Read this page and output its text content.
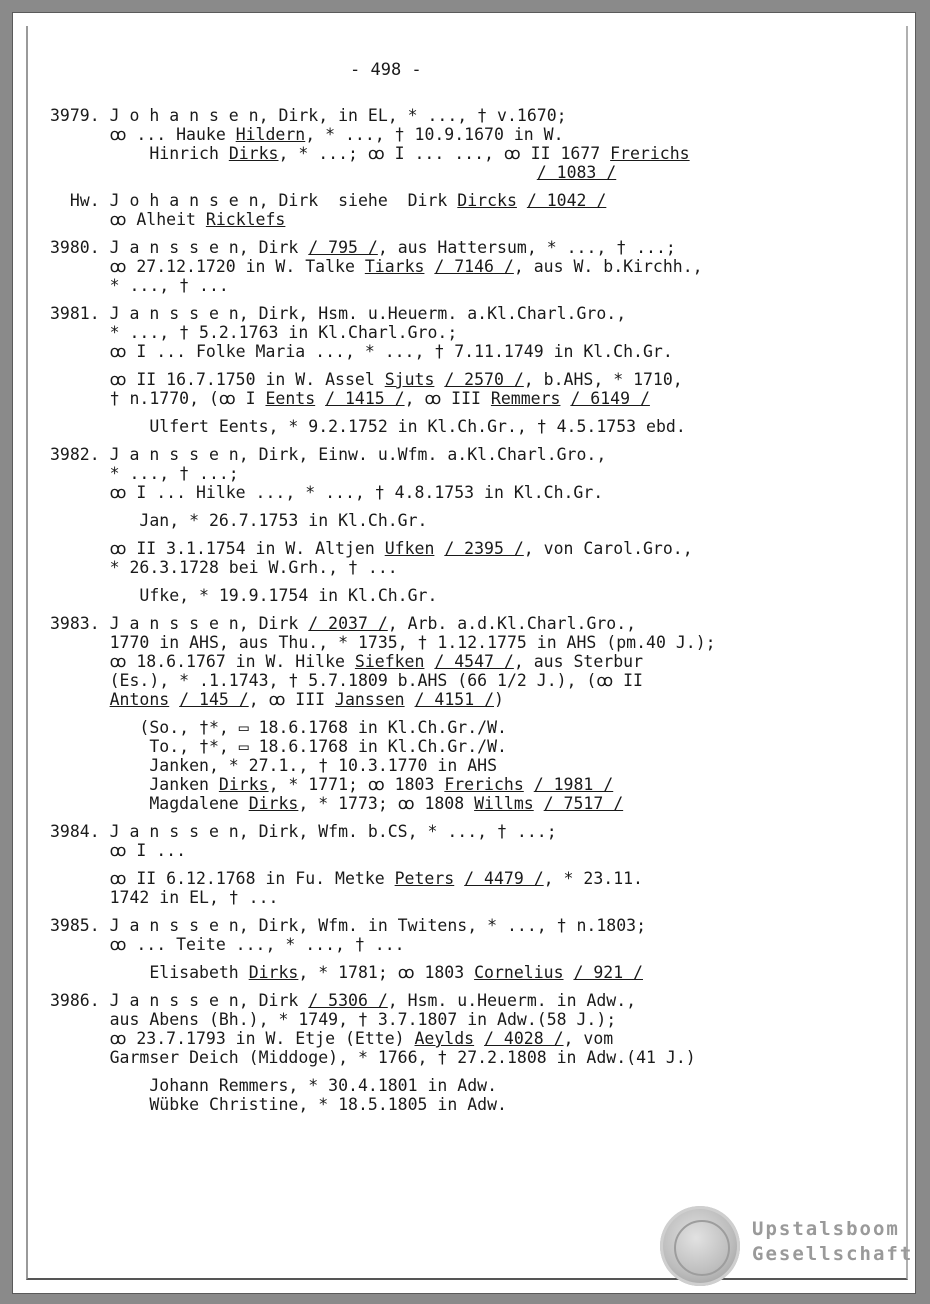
- 498 -
3979. J o h a n s e n, Dirk, in EL, * ..., † v.1670;
ꝏ ... Hauke Hildern, * ..., † 10.9.1670 in W.
Hinrich Dirks, * ...; ꝏ I ... ..., ꝏ II 1677 Frerichs
/ 1083 /
Hw. J o h a n s e n, Dirk  siehe  Dirk Dircks / 1042 /
ꝏ Alheit Ricklefs
3980. J a n s s e n, Dirk / 795 /, aus Hattersum, * ..., † ...;
ꝏ 27.12.1720 in W. Talke Tiarks / 7146 /, aus W. b.Kirchh.,
* ..., † ...
3981. J a n s s e n, Dirk, Hsm. u.Heuerm. a.Kl.Charl.Gro.,
* ..., † 5.2.1763 in Kl.Charl.Gro.;
ꝏ I ... Folke Maria ..., * ..., † 7.11.1749 in Kl.Ch.Gr.
ꝏ II 16.7.1750 in W. Assel Sjuts / 2570 /, b.AHS, * 1710,
† n.1770, (ꝏ I Eents / 1415 /, ꝏ III Remmers / 6149 /
Ulfert Eents, * 9.2.1752 in Kl.Ch.Gr., † 4.5.1753 ebd.
3982. J a n s s e n, Dirk, Einw. u.Wfm. a.Kl.Charl.Gro.,
* ..., † ...;
ꝏ I ... Hilke ..., * ..., † 4.8.1753 in Kl.Ch.Gr.
Jan, * 26.7.1753 in Kl.Ch.Gr.
ꝏ II 3.1.1754 in W. Altjen Ufken / 2395 /, von Carol.Gro.,
* 26.3.1728 bei W.Grh., † ...
Ufke, * 19.9.1754 in Kl.Ch.Gr.
3983. J a n s s e n, Dirk / 2037 /, Arb. a.d.Kl.Charl.Gro.,
1770 in AHS, aus Thu., * 1735, † 1.12.1775 in AHS (pm.40 J.);
ꝏ 18.6.1767 in W. Hilke Siefken / 4547 /, aus Sterbur
(Es.), * .1.1743, † 5.7.1809 b.AHS (66 1/2 J.), (ꝏ II
Antons / 145 /, ꝏ III Janssen / 4151 /)
(So., †*, ▭ 18.6.1768 in Kl.Ch.Gr./W.
To., †*, ▭ 18.6.1768 in Kl.Ch.Gr./W.
Janken, * 27.1., † 10.3.1770 in AHS
Janken Dirks, * 1771; ꝏ 1803 Frerichs / 1981 /
Magdalene Dirks, * 1773; ꝏ 1808 Willms / 7517 /
3984. J a n s s e n, Dirk, Wfm. b.CS, * ..., † ...;
ꝏ I ...
ꝏ II 6.12.1768 in Fu. Metke Peters / 4479 /, * 23.11.
1742 in EL, † ...
3985. J a n s s e n, Dirk, Wfm. in Twitens, * ..., † n.1803;
ꝏ ... Teite ..., * ..., † ...
Elisabeth Dirks, * 1781; ꝏ 1803 Cornelius / 921 /
3986. J a n s s e n, Dirk / 5306 /, Hsm. u.Heuerm. in Adw.,
aus Abens (Bh.), * 1749, † 3.7.1807 in Adw.(58 J.);
ꝏ 23.7.1793 in W. Etje (Ette) Aeylds / 4028 /, vom
Garmser Deich (Middoge), * 1766, † 27.2.1808 in Adw.(41 J.)
Johann Remmers, * 30.4.1801 in Adw.
Wübke Christine, * 18.5.1805 in Adw.
Upstalsboom
Gesellschaft
